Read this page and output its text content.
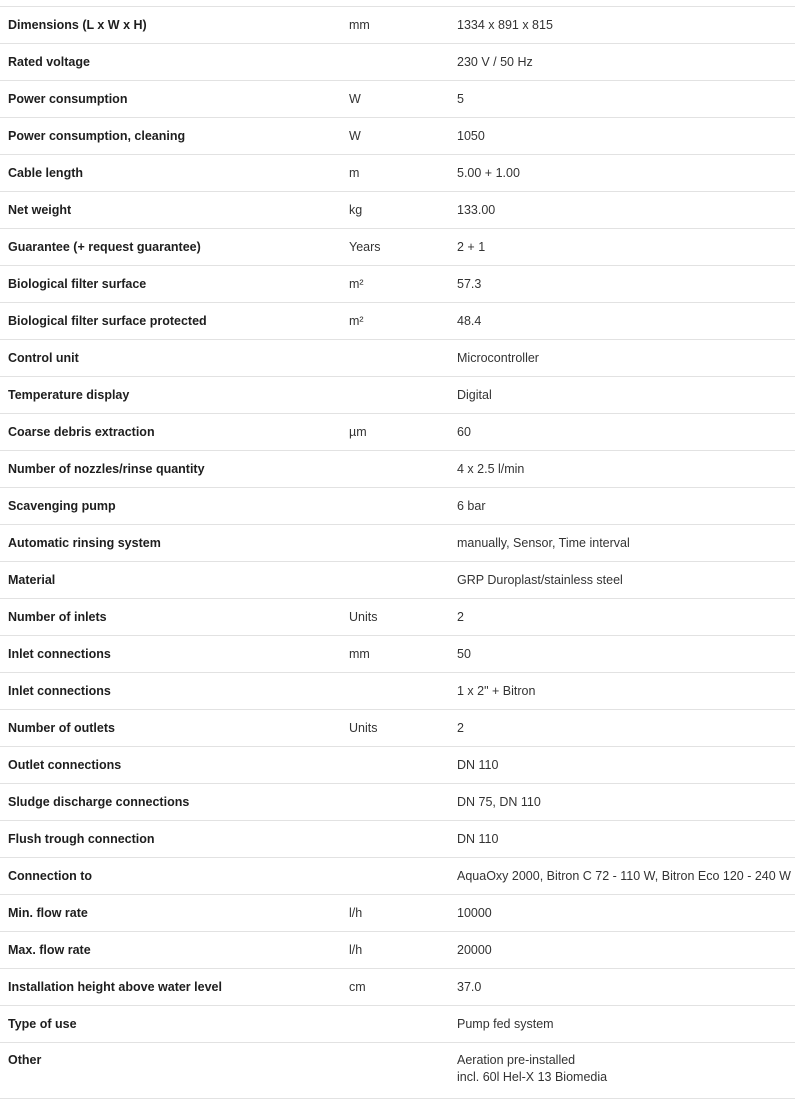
Dimensions (L x W x H)	mm	1334 x 891 x 815
Rated voltage		230 V / 50 Hz
Power consumption	W	5
Power consumption, cleaning	W	1050
Cable length	m	5.00 + 1.00
Net weight	kg	133.00
Guarantee (+ request guarantee)	Years	2 + 1
Biological filter surface	m²	57.3
Biological filter surface protected	m²	48.4
Control unit		Microcontroller
Temperature display		Digital
Coarse debris extraction	µm	60
Number of nozzles/rinse quantity		4 x 2.5 l/min
Scavenging pump		6 bar
Automatic rinsing system		manually, Sensor, Time interval
Material		GRP Duroplast/stainless steel
Number of inlets	Units	2
Inlet connections	mm	50
Inlet connections		1 x 2" + Bitron
Number of outlets	Units	2
Outlet connections		DN 110
Sludge discharge connections		DN 75, DN 110
Flush trough connection		DN 110
Connection to		AquaOxy 2000, Bitron C 72 - 110 W, Bitron Eco 120 - 240 W
Min. flow rate	l/h	10000
Max. flow rate	l/h	20000
Installation height above water level	cm	37.0
Type of use		Pump fed system
Other		Aeration pre-installed
incl. 60l Hel-X 13 Biomedia
